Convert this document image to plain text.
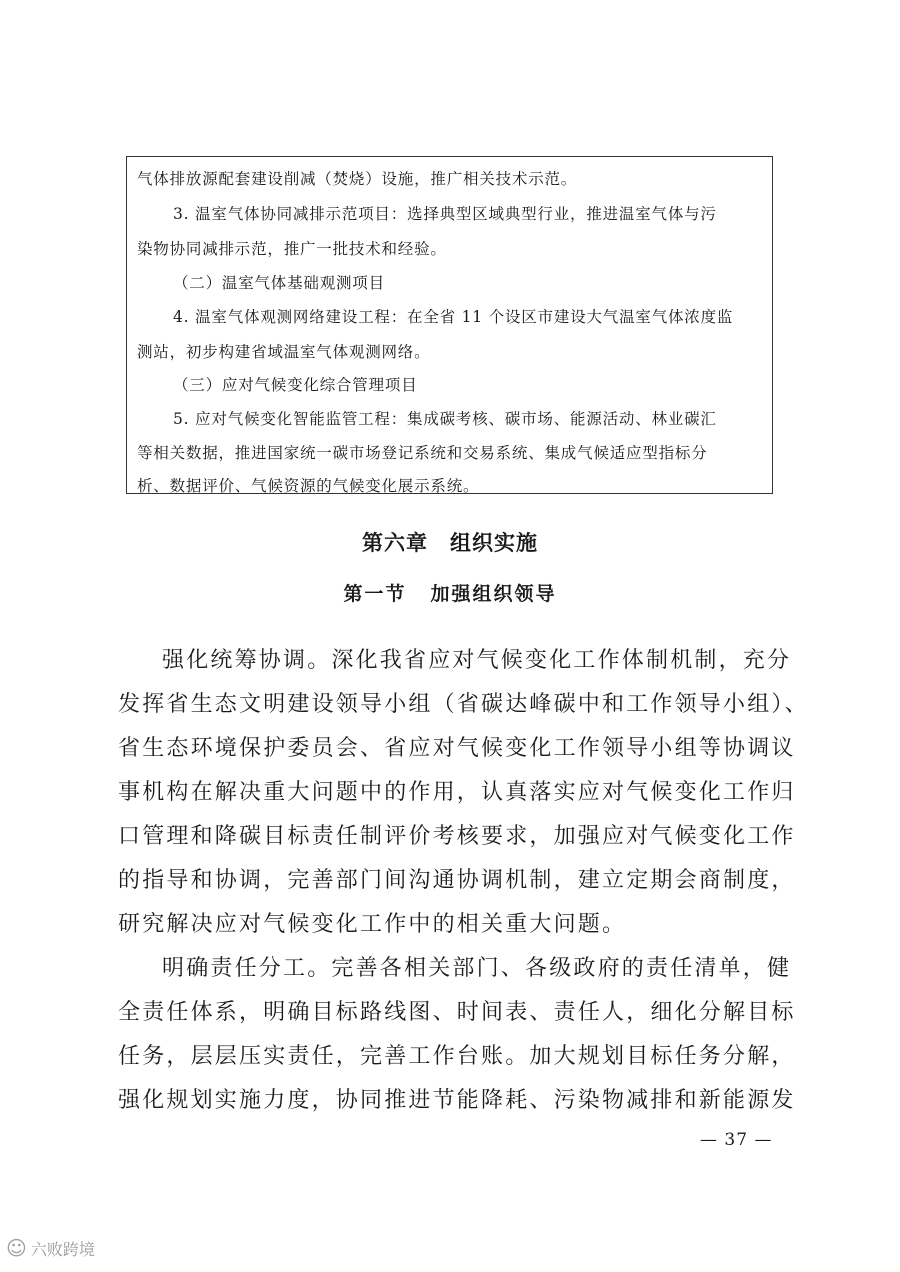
气体排放源配套建设削减（焚烧）设施，推广相关技术示范。
3. 温室气体协同减排示范项目：选择典型区域典型行业，推进温室气体与污
染物协同减排示范，推广一批技术和经验。
（二）温室气体基础观测项目
4. 温室气体观测网络建设工程：在全省 11 个设区市建设大气温室气体浓度监
测站，初步构建省域温室气体观测网络。
（三）应对气候变化综合管理项目
5. 应对气候变化智能监管工程：集成碳考核、碳市场、能源活动、林业碳汇
等相关数据，推进国家统一碳市场登记系统和交易系统、集成气候适应型指标分
析、数据评价、气候资源的气候变化展示系统。
第六章 组织实施
第一节 加强组织领导
强化统筹协调。深化我省应对气候变化工作体制机制，充分
发挥省生态文明建设领导小组（省碳达峰碳中和工作领导小组）、
省生态环境保护委员会、省应对气候变化工作领导小组等协调议
事机构在解决重大问题中的作用，认真落实应对气候变化工作归
口管理和降碳目标责任制评价考核要求，加强应对气候变化工作
的指导和协调，完善部门间沟通协调机制，建立定期会商制度，
研究解决应对气候变化工作中的相关重大问题。
明确责任分工。完善各相关部门、各级政府的责任清单，健
全责任体系，明确目标路线图、时间表、责任人，细化分解目标
任务，层层压实责任，完善工作台账。加大规划目标任务分解，
强化规划实施力度，协同推进节能降耗、污染物减排和新能源发
— 37 —
☺ 六败跨境
